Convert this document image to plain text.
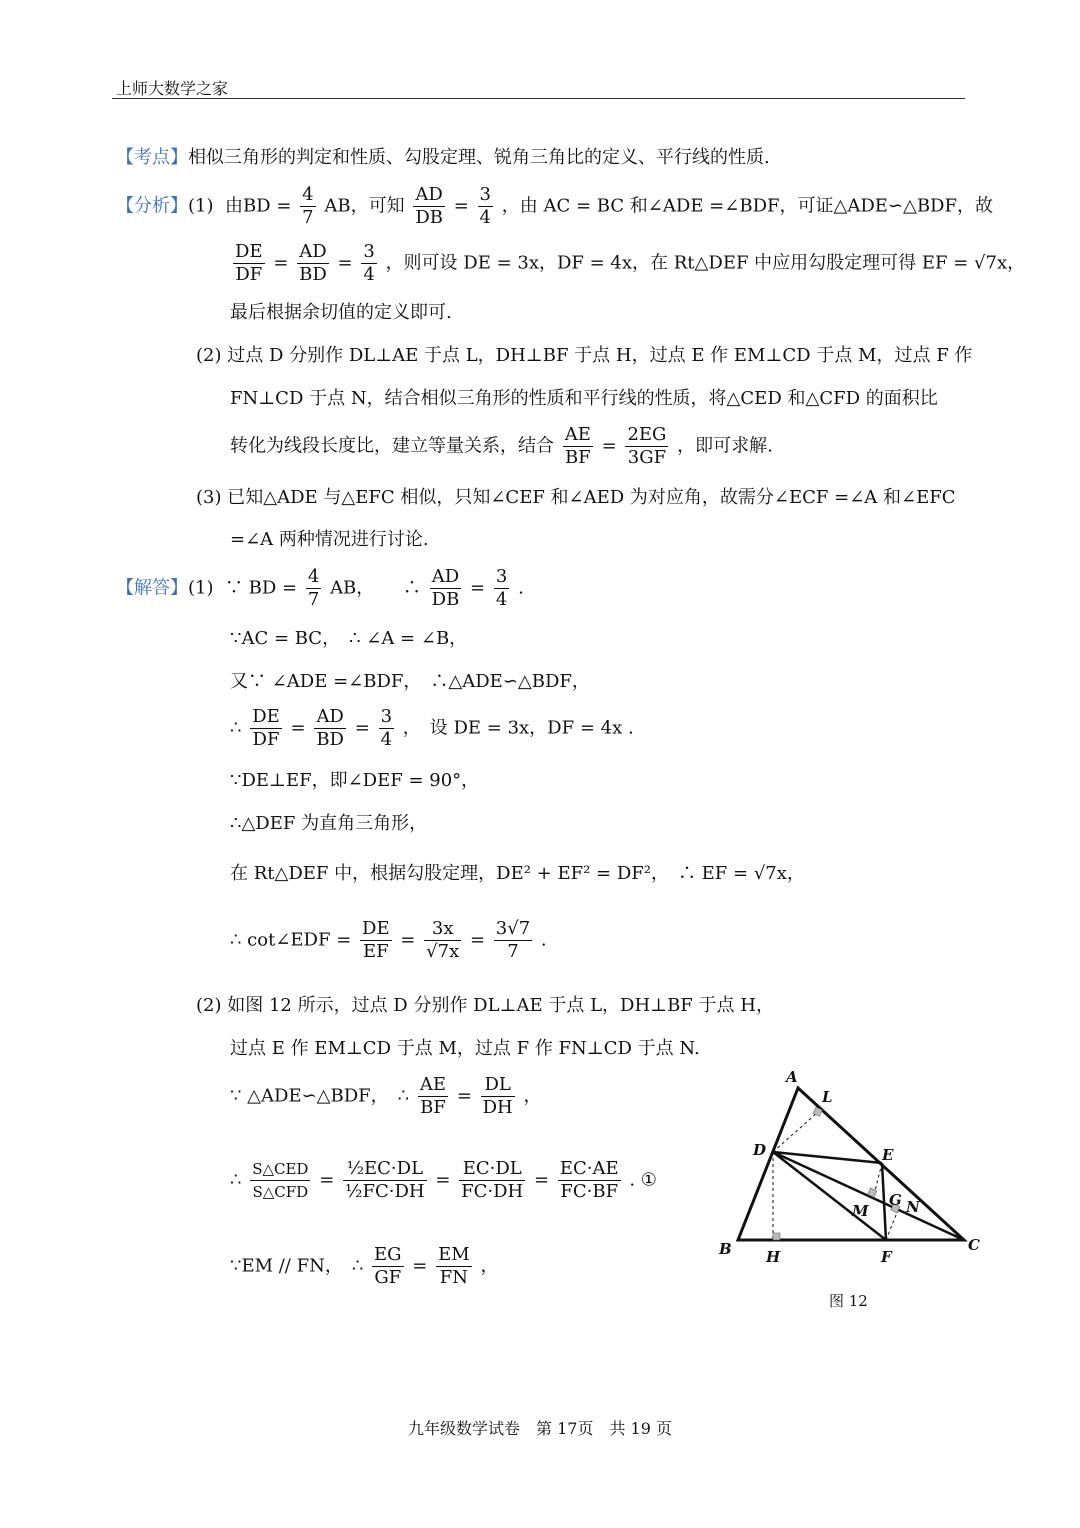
上师大数学之家
【考点】相似三角形的判定和性质、勾股定理、锐角三角比的定义、平行线的性质.
【分析】(1) 由BD = $\frac{4}{7}$ AB，可知 $\frac{AD}{DB} = \frac{3}{4}$ ，由 AC = BC 和∠ADE =∠BDF，可证△ADE∽△BDF，故
$\frac{DE}{DF} = \frac{AD}{BD} = \frac{3}{4}$ ，则可设 DE = 3x，DF = 4x，在 Rt△DEF 中应用勾股定理可得 EF = √7x，
最后根据余切值的定义即可.
(2) 过点 D 分别作 DL⊥AE 于点 L，DH⊥BF 于点 H，过点 E 作 EM⊥CD 于点 M，过点 F 作
FN⊥CD 于点 N，结合相似三角形的性质和平行线的性质，将△CED 和△CFD 的面积比
转化为线段长度比，建立等量关系，结合 $\frac{AE}{BF} = \frac{2EG}{3GF}$ ，即可求解.
(3) 已知△ADE 与△EFC 相似，只知∠CEF 和∠AED 为对应角，故需分∠ECF =∠A 和∠EFC
=∠A 两种情况进行讨论.
【解答】(1) ∵ BD = $\frac{4}{7}$ AB， ∴ $\frac{AD}{DB} = \frac{3}{4}$ .
∵AC = BC，　∴ ∠A = ∠B，
又∵ ∠ADE =∠BDF，　∴△ADE∽△BDF，
∴ $\frac{DE}{DF} = \frac{AD}{BD} = \frac{3}{4}$ ，　设 DE = 3x，DF = 4x .
∵DE⊥EF，即∠DEF = 90°，
∴△DEF 为直角三角形，
在 Rt△DEF 中，根据勾股定理，DE² + EF² = DF²，　∴ EF = √7x，
∴ cot∠EDF = $\frac{DE}{EF} = \frac{3x}{√7x} = \frac{3√7}{7}$ .
(2) 如图 12 所示，过点 D 分别作 DL⊥AE 于点 L，DH⊥BF 于点 H，
过点 E 作 EM⊥CD 于点 M，过点 F 作 FN⊥CD 于点 N.
∵ △ADE∽△BDF，　∴ $\frac{AE}{BF} = \frac{DL}{DH}$ ，
∴ $\frac{\text{S△CED}}{\text{S△CFD}} = \frac{\text{½EC·DL}}{\text{½FC·DH}} = \frac{EC\cdot DL}{FC\cdot DH} = \frac{EC\cdot AE}{FC\cdot BF}$ . ①
∵EM // FN，　∴ $\frac{EG}{GF} = \frac{EM}{FN}$ ，
A
L
D	E
G N
M
B H	F
C
图 12
九年级数学试卷　第 17页　共 19 页
